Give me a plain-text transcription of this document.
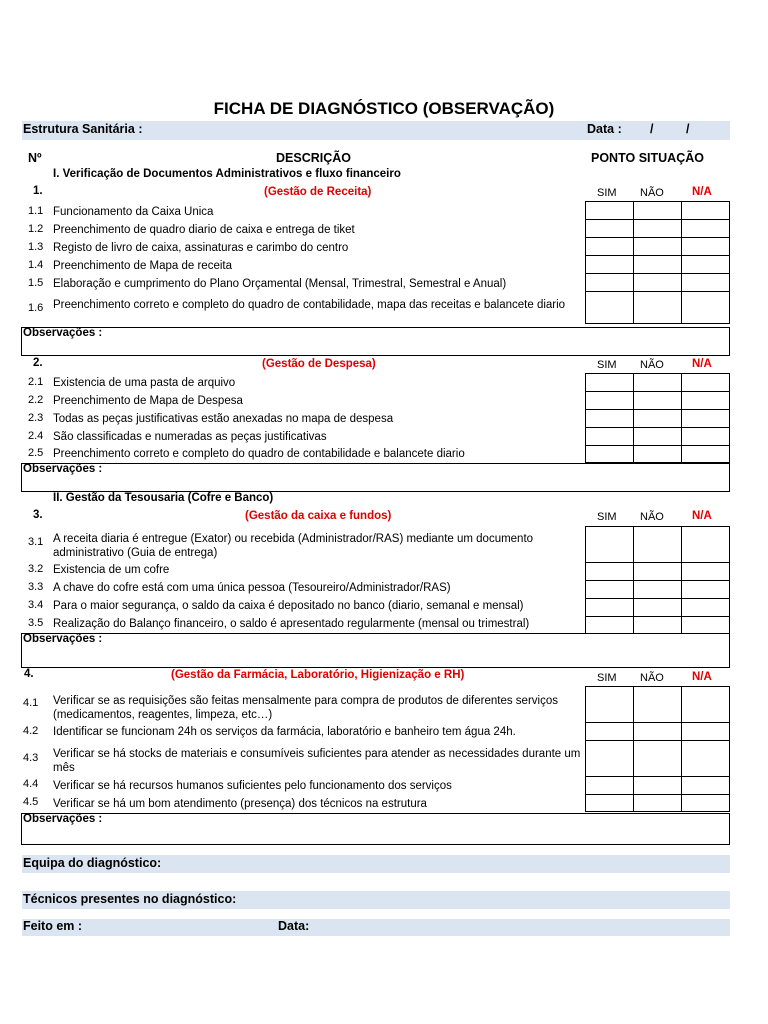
FICHA DE DIAGNÓSTICO (OBSERVAÇÃO)
Estrutura Sanitária :	Data : /	/
Nº	DESCRIÇÃO	PONTO SITUAÇÃO
I. Verificação de Documentos Administrativos e fluxo financeiro
1.	(Gestão de Receita)	SIM NÃO N/A
1.1 Funcionamento da Caixa Unica
1.2 Preenchimento de quadro diario de caixa e entrega de tiket
1.3 Registo de livro de caixa, assinaturas e carimbo do centro
1.4 Preenchimento de Mapa de receita
1.5 Elaboração e cumprimento do Plano Orçamental (Mensal, Trimestral, Semestral e Anual)
1.6 Preenchimento correto e completo do quadro de contabilidade, mapa das receitas e balancete diario

Observações :
2.	(Gestão de Despesa)	SIM NÃO N/A
2.1 Existencia de uma pasta de arquivo
2.2 Preenchimento de Mapa de Despesa
2.3 Todas as peças justificativas estão anexadas no mapa de despesa
2.4 São classificadas e numeradas as peças justificativas
2.5 Preenchimento correto e completo do quadro de contabilidade e balancete diario

Observações :
II. Gestão da Tesousaria (Cofre e Banco)
3.	(Gestão da caixa e fundos)	SIM NÃO N/A
3.1 A receita diaria é entregue (Exator) ou recebida (Administrador/RAS) mediante um documento administrativo (Guia de entrega)
3.2 Existencia de um cofre
3.3 A chave do cofre está com uma única pessoa (Tesoureiro/Administrador/RAS)
3.4 Para o maior segurança, o saldo da caixa é depositado no banco (diario, semanal e mensal)
3.5 Realização do Balanço financeiro, o saldo é apresentado regularmente (mensal ou trimestral)

Observações :
4.	(Gestão da Farmácia, Laboratório, Higienização e RH)	SIM NÃO N/A
4.1 Verificar se as requisições são feitas mensalmente para compra de produtos de diferentes serviços (medicamentos, reagentes, limpeza, etc…)
4.2 Identificar se funcionam 24h os serviços da farmácia, laboratório e banheiro tem água 24h.
4.3 Verificar se há stocks de materiais e consumíveis suficientes para atender as necessidades durante um mês
4.4 Verificar se há recursos humanos suficientes pelo funcionamento dos serviços
4.5 Verificar se há um bom atendimento (presença) dos técnicos na estrutura

Observações :
Equipa do diagnóstico:
Técnicos presentes no diagnóstico:
Feito em :	Data:
